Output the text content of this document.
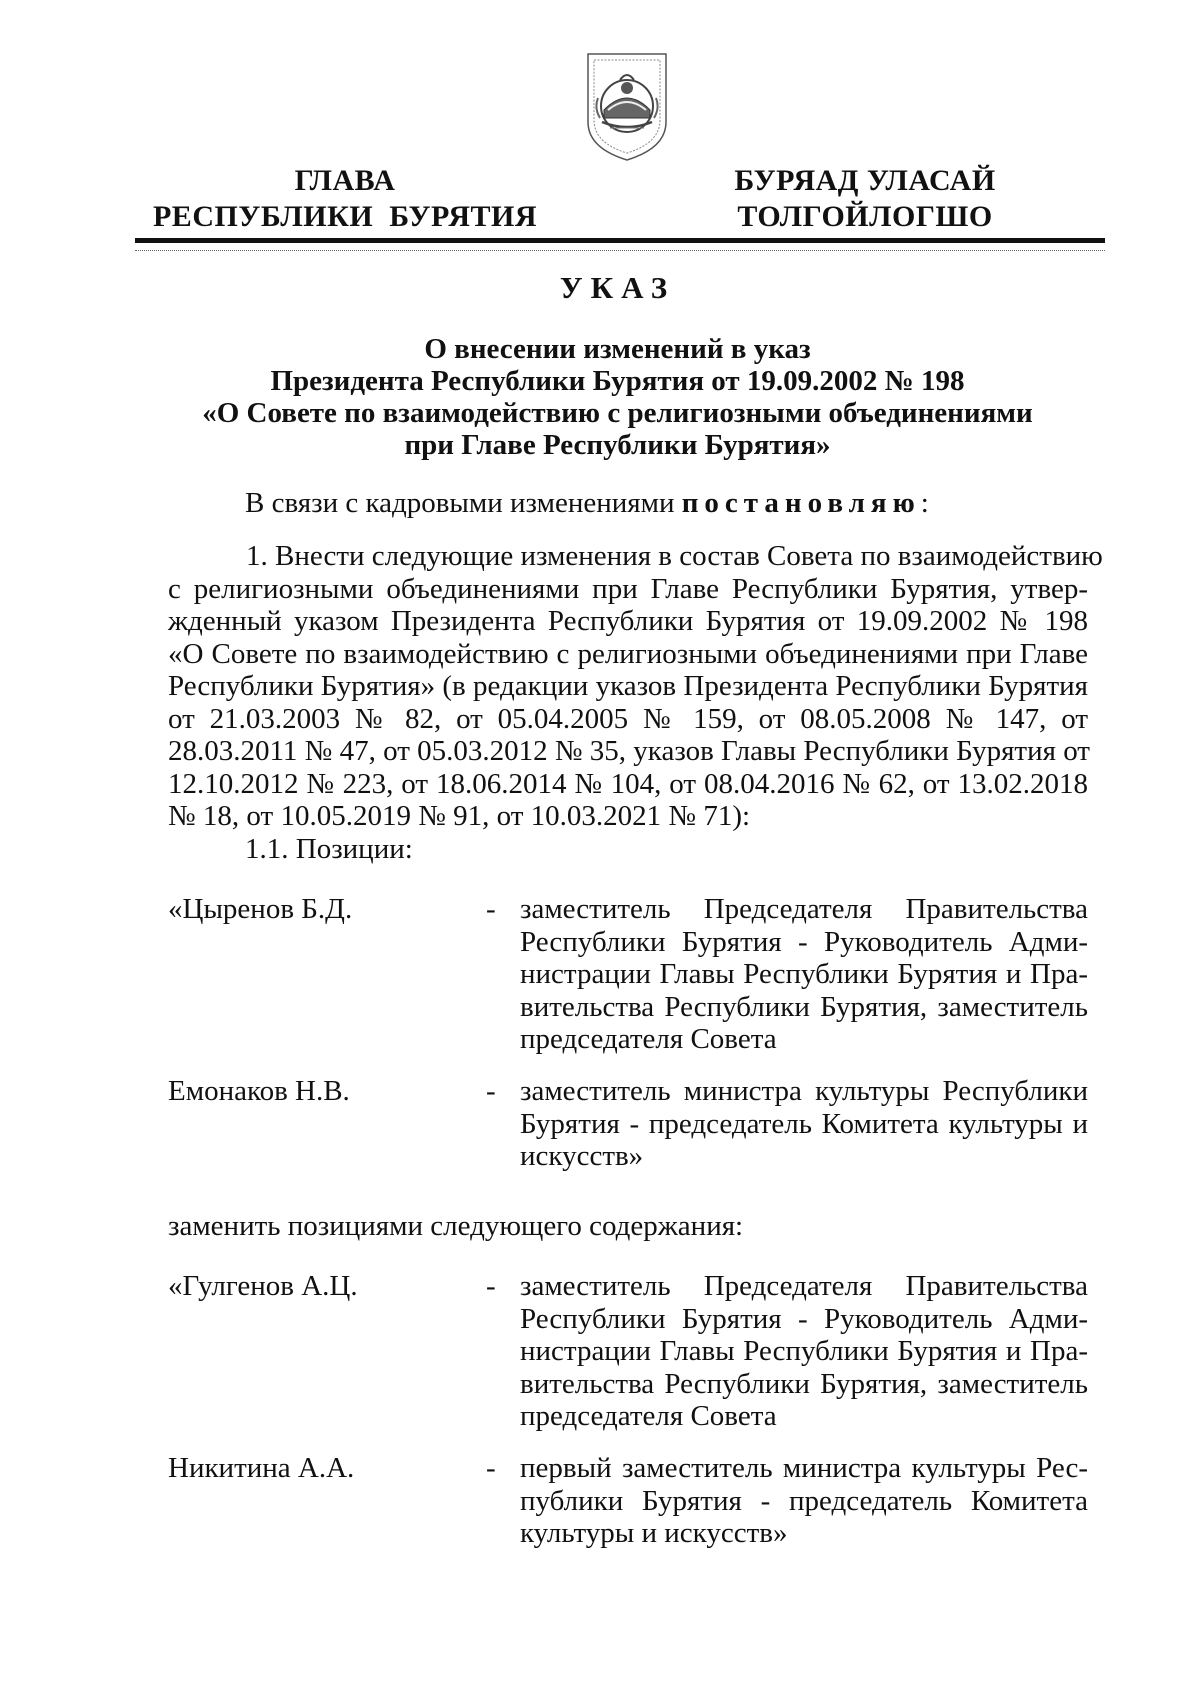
ГЛАВА
РЕСПУБЛИКИ  БУРЯТИЯ
БУРЯАД УЛАСАЙ
ТОЛГОЙЛОГШО
УКАЗ
О внесении изменений в указ
Президента Республики Бурятия от 19.09.2002 № 198
«О Совете по взаимодействию с религиозными объединениями
при Главе Республики Бурятия»
В связи с кадровыми изменениями постановляю:
1. Внести следующие изменения в состав Совета по взаимодействию
с религиозными объединениями при Главе Республики Бурятия, утвер-
жденный указом Президента Республики Бурятия от 19.09.2002 № 198
«О Совете по взаимодействию с религиозными объединениями при Главе
Республики Бурятия» (в редакции указов Президента Республики Бурятия
от 21.03.2003 № 82, от 05.04.2005 № 159, от 08.05.2008 № 147, от
28.03.2011 № 47, от 05.03.2012 № 35, указов Главы Республики Бурятия от
12.10.2012 № 223, от 18.06.2014 № 104, от 08.04.2016 № 62, от 13.02.2018
№ 18, от 10.05.2019 № 91, от 10.03.2021 № 71):
1.1. Позиции:
«Цыренов Б.Д.	- заместитель Председателя Правительства
Республики Бурятия - Руководитель Адми-
нистрации Главы Республики Бурятия и Пра-
вительства Республики Бурятия, заместитель
председателя Совета
Емонаков Н.В.	- заместитель министра культуры Республики
Бурятия - председатель Комитета культуры и
искусств»
заменить позициями следующего содержания:
«Гулгенов А.Ц.	- заместитель Председателя Правительства
Республики Бурятия - Руководитель Адми-
нистрации Главы Республики Бурятия и Пра-
вительства Республики Бурятия, заместитель
председателя Совета
Никитина А.А.	- первый заместитель министра культуры Рес-
публики Бурятия - председатель Комитета
культуры и искусств»
